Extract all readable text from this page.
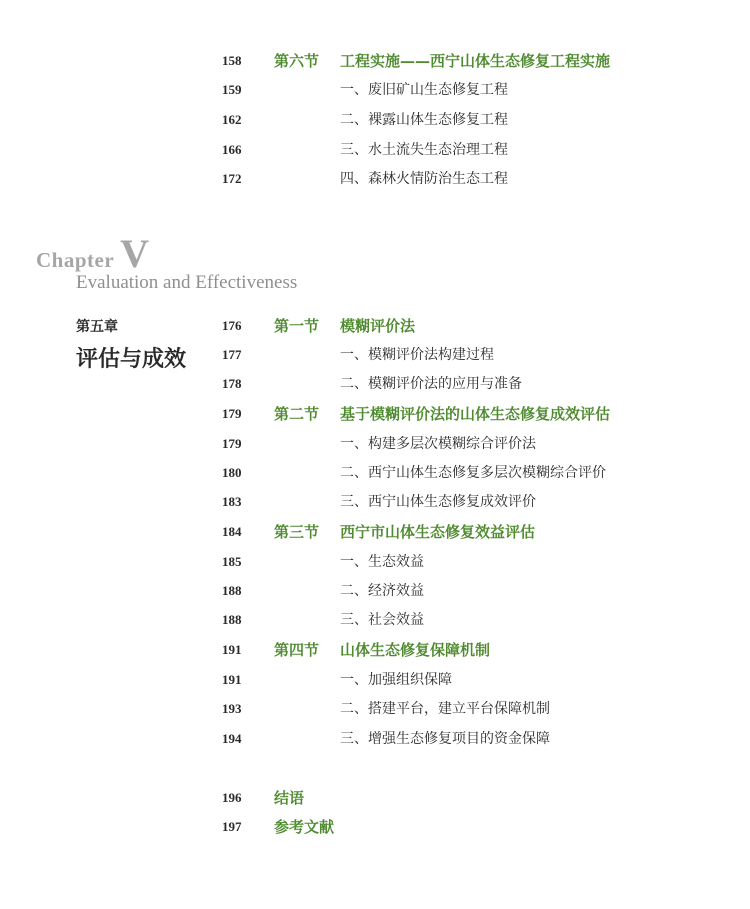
158 第六节 工程实施——西宁山体生态修复工程实施
159	一、废旧矿山生态修复工程
162	二、裸露山体生态修复工程
166	三、水土流失生态治理工程
172	四、森林火情防治生态工程
Chapter V
Evaluation and Effectiveness
第五章
评估与成效
176 第一节 模糊评价法
177	一、模糊评价法构建过程
178	二、模糊评价法的应用与准备
179 第二节 基于模糊评价法的山体生态修复成效评估
179	一、构建多层次模糊综合评价法
180	二、西宁山体生态修复多层次模糊综合评价
183	三、西宁山体生态修复成效评价
184 第三节 西宁市山体生态修复效益评估
185	一、生态效益
188	二、经济效益
188	三、社会效益
191 第四节 山体生态修复保障机制
191	一、加强组织保障
193	二、搭建平台，建立平台保障机制
194	三、增强生态修复项目的资金保障
196 结语
197 参考文献
